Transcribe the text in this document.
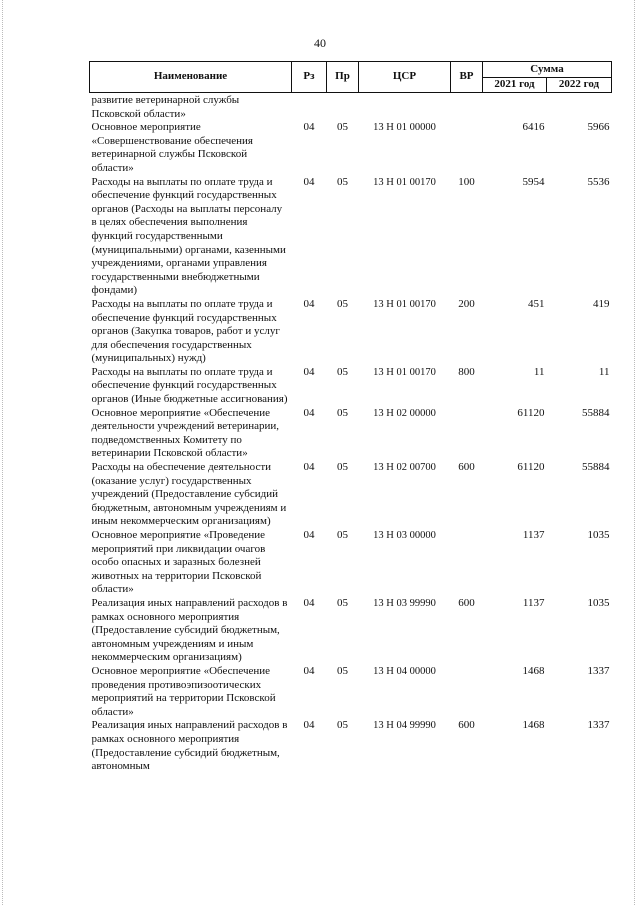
40
Наименование	Рз	Пр	ЦСР	ВР	Сумма	
					2021 год	2022 год
развитие ветеринарной службы Псковской области»						
Основное мероприятие «Совершенствование обеспечения ветеринарной службы Псковской области»	04	05	13 Н 01 00000		6416	5966
Расходы на выплаты по оплате труда и обеспечение функций государственных органов (Расходы на выплаты персоналу в целях обеспечения выполнения функций государственными (муниципальными) органами, казенными учреждениями, органами управления государственными внебюджетными фондами)	04	05	13 Н 01 00170	100	5954	5536
Расходы на выплаты по оплате труда и обеспечение функций государственных органов (Закупка товаров, работ и услуг для обеспечения государственных (муниципальных) нужд)	04	05	13 Н 01 00170	200	451	419
Расходы на выплаты по оплате труда и обеспечение функций государственных органов (Иные бюджетные ассигнования)	04	05	13 Н 01 00170	800	11	11
Основное мероприятие «Обеспечение деятельности учреждений ветеринарии, подведомственных Комитету по ветеринарии Псковской области»	04	05	13 Н 02 00000		61120	55884
Расходы на обеспечение деятельности (оказание услуг) государственных учреждений (Предоставление субсидий бюджетным, автономным учреждениям и иным некоммерческим организациям)	04	05	13 Н 02 00700	600	61120	55884
Основное мероприятие «Проведение мероприятий при ликвидации очагов особо опасных и заразных болезней животных на территории Псковской области»	04	05	13 Н 03 00000		1137	1035
Реализация иных направлений расходов в рамках основного мероприятия (Предоставление субсидий бюджетным, автономным учреждениям и иным некоммерческим организациям)	04	05	13 Н 03 99990	600	1137	1035
Основное мероприятие «Обеспечение проведения противоэпизоотических мероприятий на территории Псковской области»	04	05	13 Н 04 00000		1468	1337
Реализация иных направлений расходов в рамках основного мероприятия (Предоставление субсидий бюджетным, автономным	04	05	13 Н 04 99990	600	1468	1337
